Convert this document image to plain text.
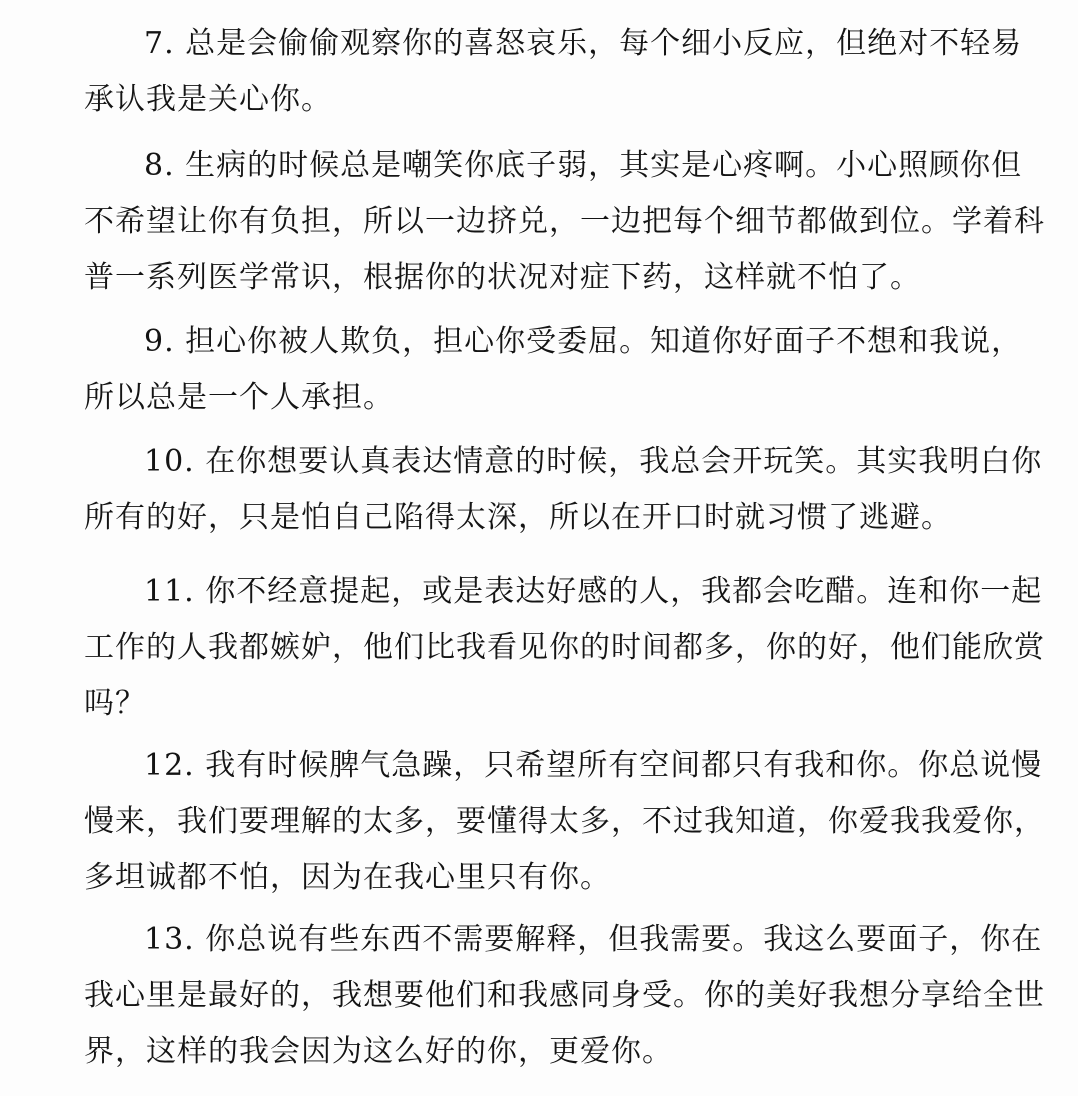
7. 总是会偷偷观察你的喜怒哀乐，每个细小反应，但绝对不轻易
承认我是关心你。
8. 生病的时候总是嘲笑你底子弱，其实是心疼啊。小心照顾你但
不希望让你有负担，所以一边挤兑，一边把每个细节都做到位。学着科
普一系列医学常识，根据你的状况对症下药，这样就不怕了。
9. 担心你被人欺负，担心你受委屈。知道你好面子不想和我说，
所以总是一个人承担。
10. 在你想要认真表达情意的时候，我总会开玩笑。其实我明白你
所有的好，只是怕自己陷得太深，所以在开口时就习惯了逃避。
11. 你不经意提起，或是表达好感的人，我都会吃醋。连和你一起
工作的人我都嫉妒，他们比我看见你的时间都多，你的好，他们能欣赏
吗？
12. 我有时候脾气急躁，只希望所有空间都只有我和你。你总说慢
慢来，我们要理解的太多，要懂得太多，不过我知道，你爱我我爱你，
多坦诚都不怕，因为在我心里只有你。
13. 你总说有些东西不需要解释，但我需要。我这么要面子，你在
我心里是最好的，我想要他们和我感同身受。你的美好我想分享给全世
界，这样的我会因为这么好的你，更爱你。
